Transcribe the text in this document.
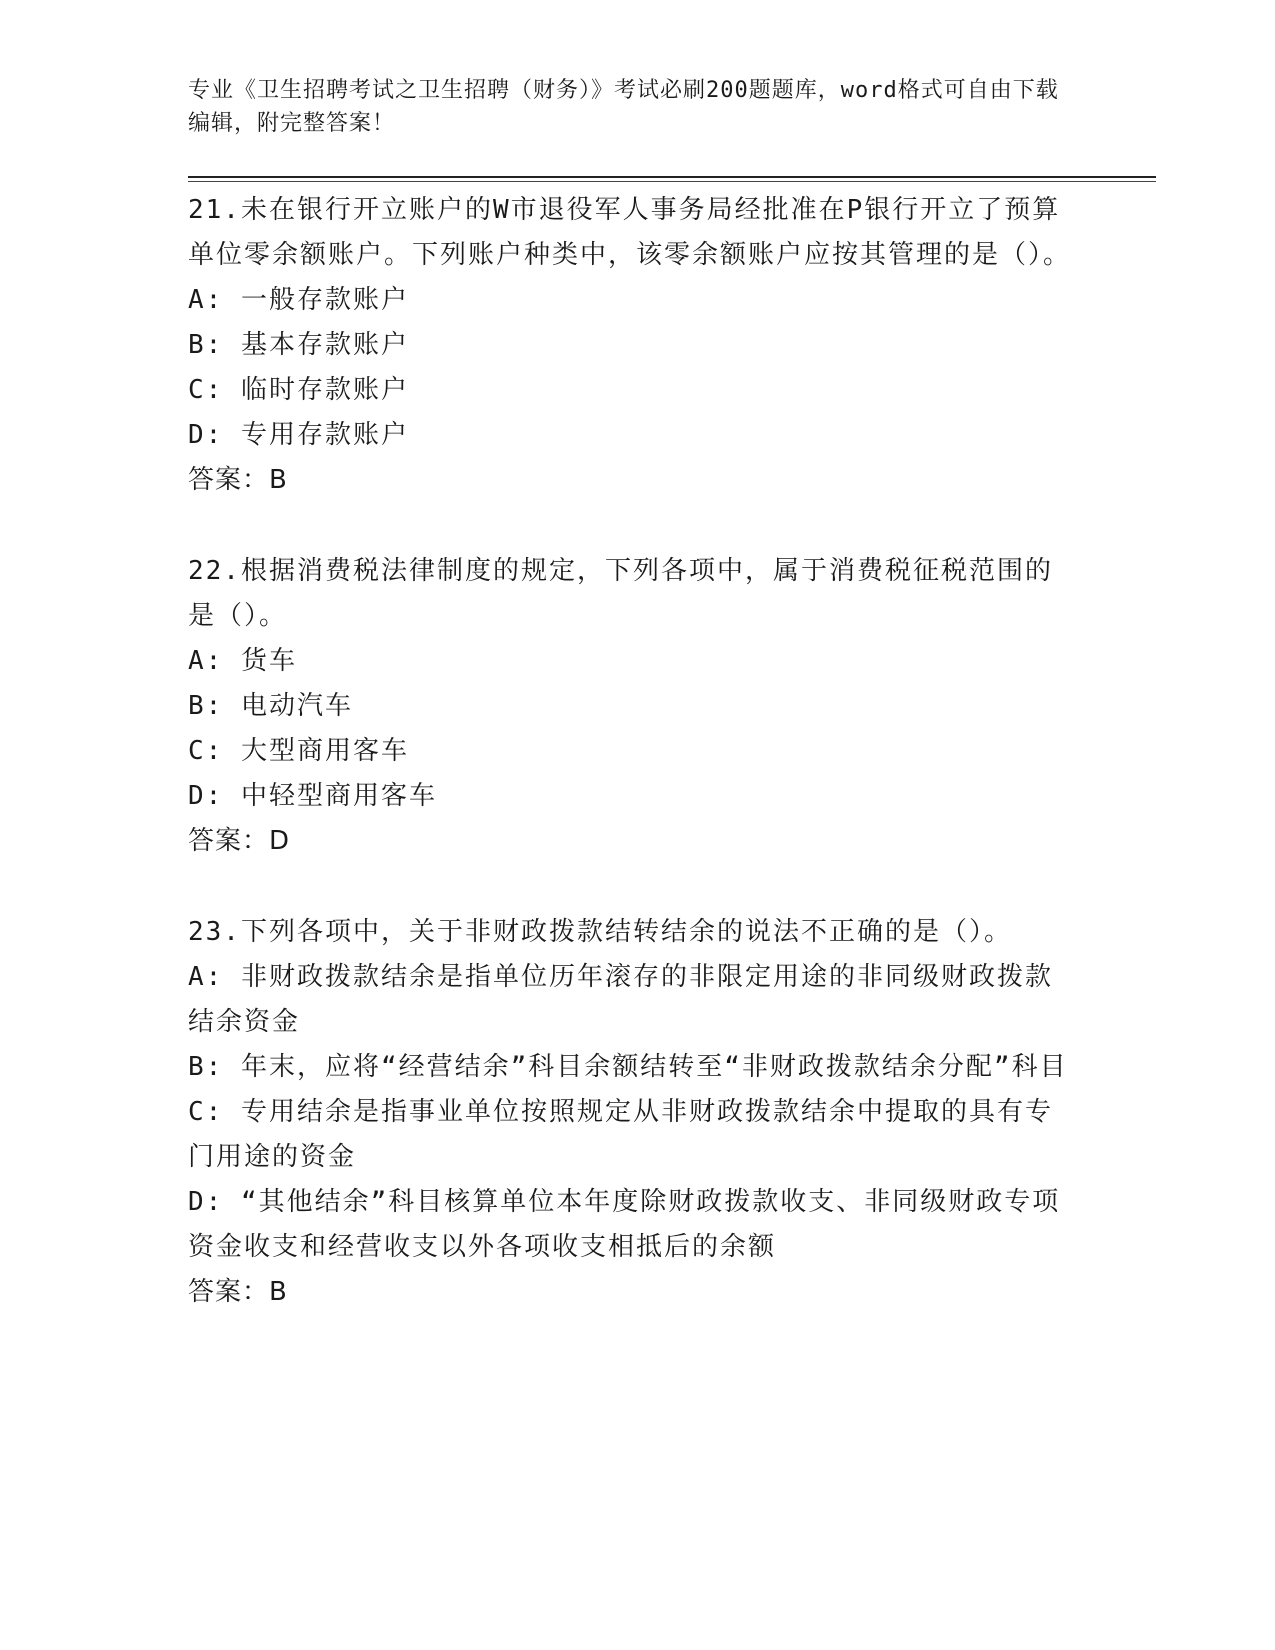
专业《卫生招聘考试之卫生招聘（财务）》考试必刷200题题库，word格式可自由下载编辑，附完整答案！

21.未在银行开立账户的W市退役军人事务局经批准在P银行开立了预算单位零余额账户。下列账户种类中，该零余额账户应按其管理的是（）。

A: 一般存款账户

B: 基本存款账户

C: 临时存款账户

D: 专用存款账户

答案：B

22.根据消费税法律制度的规定，下列各项中，属于消费税征税范围的是（）。

A: 货车

B: 电动汽车

C: 大型商用客车

D: 中轻型商用客车

答案：D

23.下列各项中，关于非财政拨款结转结余的说法不正确的是（）。

A: 非财政拨款结余是指单位历年滚存的非限定用途的非同级财政拨款结余资金

B: 年末，应将“经营结余”科目余额结转至“非财政拨款结余分配”科目

C: 专用结余是指事业单位按照规定从非财政拨款结余中提取的具有专门用途的资金

D: “其他结余”科目核算单位本年度除财政拨款收支、非同级财政专项资金收支和经营收支以外各项收支相抵后的余额

答案：B
